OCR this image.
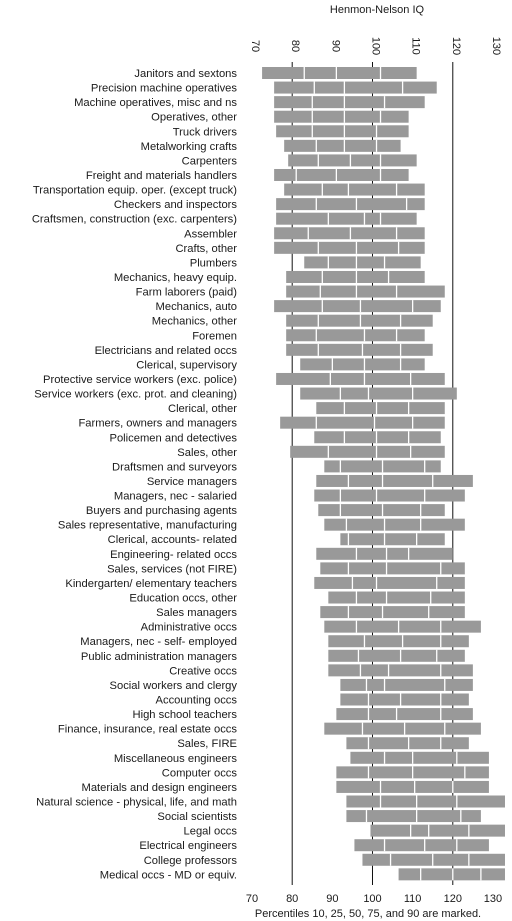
Henmon-Nelson IQ
70	80	90	100	110	120	130
Janitors and sextons
Precision machine operatives
Machine operatives, misc and ns
Operatives, other
Truck drivers
Metalworking crafts
Carpenters
Freight and materials handlers
Transportation equip. oper. (except truck)
Checkers and inspectors
Craftsmen, construction (exc. carpenters)
Assembler
Crafts, other
Plumbers
Mechanics, heavy equip.
Farm laborers (paid)
Mechanics, auto
Mechanics, other
Foremen
Electricians and related occs
Clerical, supervisory
Protective service workers (exc. police)
Service workers (exc. prot. and cleaning)
Clerical, other
Farmers, owners and managers
Policemen and detectives
Sales, other
Draftsmen and surveyors
Service managers
Managers, nec - salaried
Buyers and purchasing agents
Sales representative, manufacturing
Clerical, accounts- related
Engineering- related occs
Sales, services (not FIRE)
Kindergarten/ elementary teachers
Education occs, other
Sales managers
Administrative occs
Managers, nec - self- employed
Public administration managers
Creative occs
Social workers and clergy
Accounting occs
High school teachers
Finance, insurance, real estate occs
Sales, FIRE
Miscellaneous engineers
Computer occs
Materials and design engineers
Natural science - physical, life, and math
Social scientists
Legal occs
Electrical engineers
College professors
Medical occs - MD or equiv.
70	80	90 100 110 120 130
Percentiles 10, 25, 50, 75, and 90 are marked.
